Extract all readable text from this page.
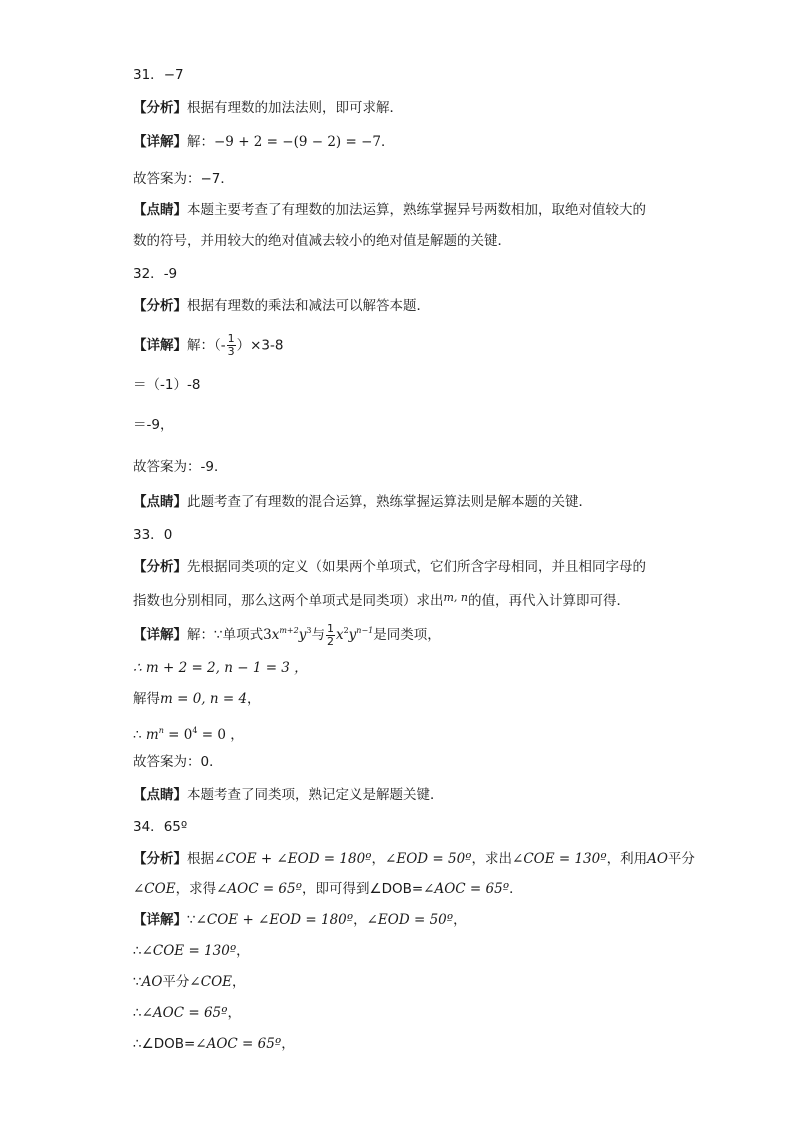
31．−7
【分析】根据有理数的加法法则，即可求解．
【详解】解：−9 + 2 = −(9 − 2) = −7．
故答案为：−7．
【点睛】本题主要考查了有理数的加法运算，熟练掌握异号两数相加，取绝对值较大的
数的符号，并用较大的绝对值减去较小的绝对值是解题的关键．
32．-9
【分析】根据有理数的乘法和减法可以解答本题．
【详解】解：（- $\frac{1}{3} )\times 3-8$
＝（-1）-8
＝-9，
故答案为：-9．
【点睛】此题考查了有理数的混合运算，熟练掌握运算法则是解本题的关键．
33．0
【分析】先根据同类项的定义（如果两个单项式，它们所含字母相同，并且相同字母的
指数也分别相同，那么这两个单项式是同类项）求出$^{m, n}$的值，再代入计算即可得．
【详解】解：∵单项式$3x^{m+2}y^3$与 $\frac{1}{2} x^2y^{n-1}$是同类项，
∴ m + 2 = 2, n − 1 = 3 ，
解得m = 0, n = 4，
∴ $m^n = 0^4 = 0$ ，
故答案为：0．
【点睛】本题考查了同类项，熟记定义是解题关键．
34．65º
【分析】根据∠COE + ∠EOD = 180º，∠EOD = 50º，求出∠COE = 130º，利用AO平分
∠COE，求得∠AOC = 65º，即可得到∠DOB=∠AOC = 65º．
【详解】∵∠COE + ∠EOD = 180º，∠EOD = 50º，
∴∠COE = 130º，
∵AO平分∠COE，
∴∠AOC = 65º，
∴∠DOB=∠AOC = 65º，
